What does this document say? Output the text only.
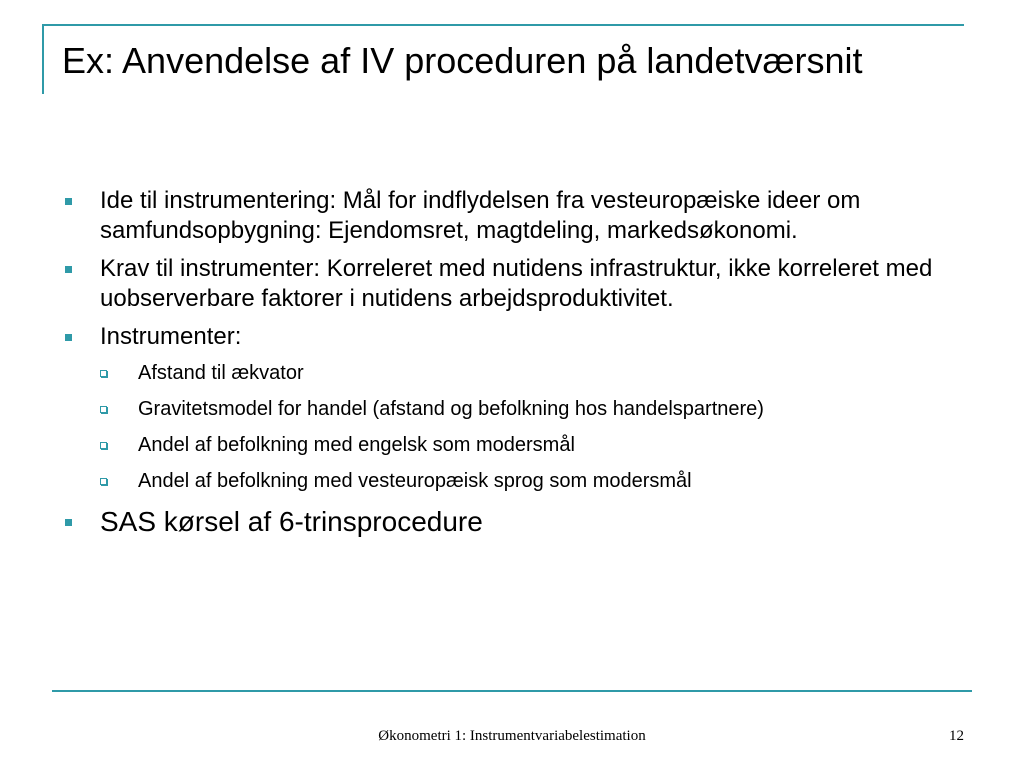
Ex: Anvendelse af IV proceduren på landetværsnit
Ide til instrumentering: Mål for indflydelsen fra vesteuropæiske ideer om samfundsopbygning: Ejendomsret, magtdeling, markedsøkonomi.
Krav til instrumenter: Korreleret med nutidens infrastruktur, ikke korreleret med uobserverbare faktorer i nutidens arbejdsproduktivitet.
Instrumenter:
Afstand til ækvator
Gravitetsmodel for handel (afstand og befolkning hos handelspartnere)
Andel af befolkning med engelsk som modersmål
Andel af befolkning med vesteuropæisk sprog som modersmål
SAS kørsel af 6-trinsprocedure
Økonometri 1: Instrumentvariabelestimation	12
